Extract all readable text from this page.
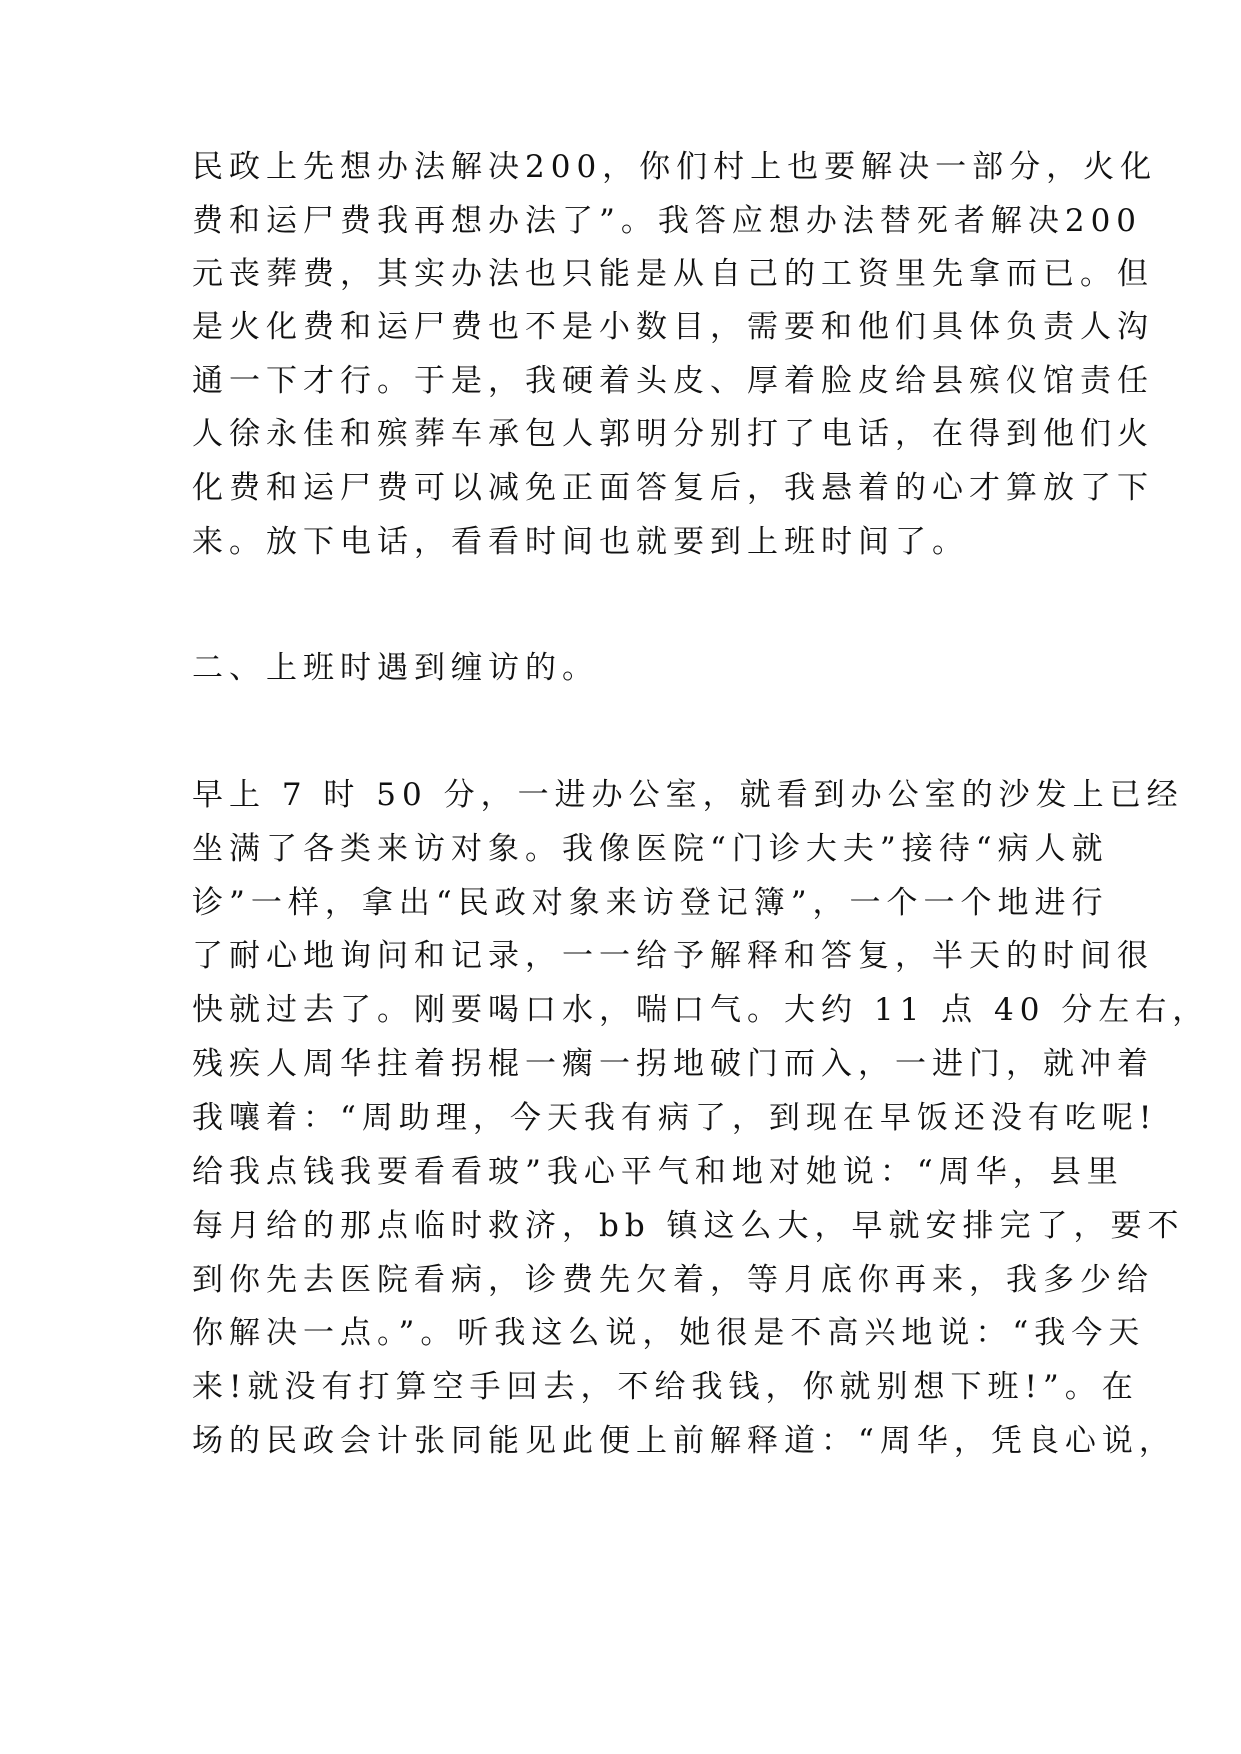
民政上先想办法解决200，你们村上也要解决一部分，火化

费和运尸费我再想办法了”。我答应想办法替死者解决200

元丧葬费，其实办法也只能是从自己的工资里先拿而已。但

是火化费和运尸费也不是小数目，需要和他们具体负责人沟

通一下才行。于是，我硬着头皮、厚着脸皮给县殡仪馆责任

人徐永佳和殡葬车承包人郭明分别打了电话，在得到他们火

化费和运尸费可以减免正面答复后，我悬着的心才算放了下

来。放下电话，看看时间也就要到上班时间了。

二、上班时遇到缠访的。

早上 7 时 50 分，一进办公室，就看到办公室的沙发上已经

坐满了各类来访对象。我像医院“门诊大夫”接待“病人就

诊”一样，拿出“民政对象来访登记簿”，一个一个地进行

了耐心地询问和记录，一一给予解释和答复，半天的时间很

快就过去了。刚要喝口水，喘口气。大约 11 点 40 分左右，

残疾人周华拄着拐棍一瘸一拐地破门而入，一进门，就冲着

我嚷着：“周助理，今天我有病了，到现在早饭还没有吃呢!

给我点钱我要看看玻”我心平气和地对她说：“周华，县里

每月给的那点临时救济，bb 镇这么大，早就安排完了，要不

到你先去医院看病，诊费先欠着，等月底你再来，我多少给

你解决一点。”。听我这么说，她很是不高兴地说：“我今天

来!就没有打算空手回去，不给我钱，你就别想下班!”。在

场的民政会计张同能见此便上前解释道：“周华，凭良心说，
